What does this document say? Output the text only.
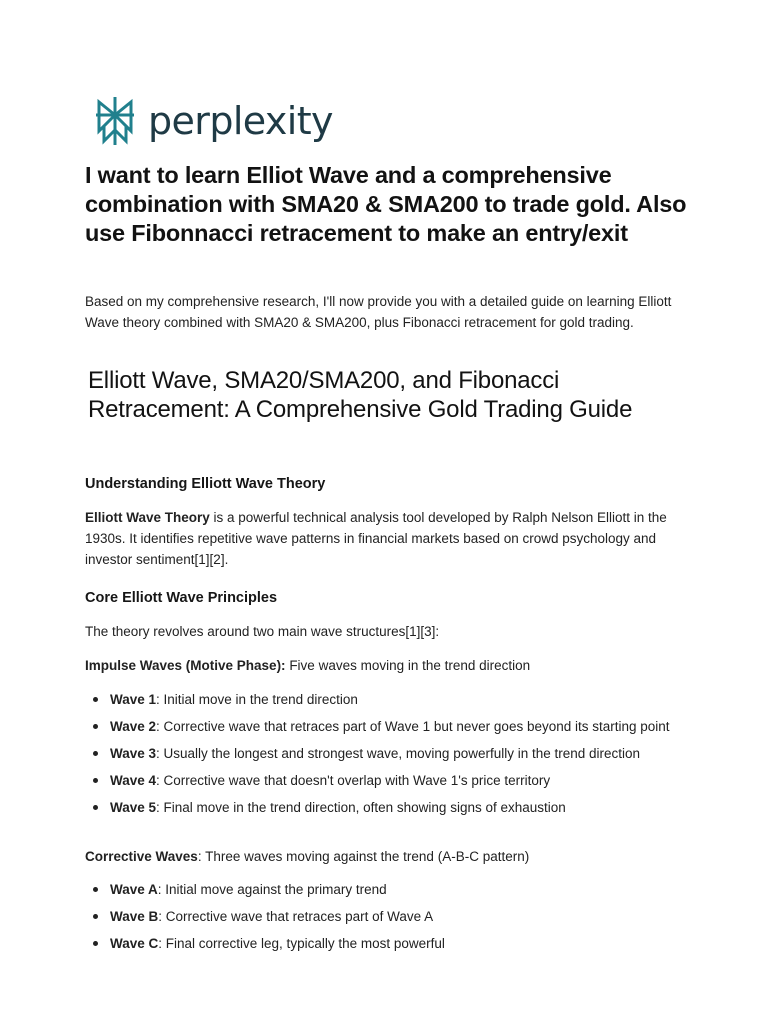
perplexity
I want to learn Elliot Wave and a comprehensive combination with SMA20 & SMA200 to trade gold. Also use Fibonnacci retracement to make an entry/exit

Based on my comprehensive research, I'll now provide you with a detailed guide on learning Elliott Wave theory combined with SMA20 & SMA200, plus Fibonacci retracement for gold trading.

Elliott Wave, SMA20/SMA200, and Fibonacci Retracement: A Comprehensive Gold Trading Guide
Understanding Elliott Wave Theory

Elliott Wave Theory is a powerful technical analysis tool developed by Ralph Nelson Elliott in the 1930s. It identifies repetitive wave patterns in financial markets based on crowd psychology and investor sentiment[1][2].

Core Elliott Wave Principles

The theory revolves around two main wave structures[1][3]:

Impulse Waves (Motive Phase): Five waves moving in the trend direction

Wave 1: Initial move in the trend direction
Wave 2: Corrective wave that retraces part of Wave 1 but never goes beyond its starting point
Wave 3: Usually the longest and strongest wave, moving powerfully in the trend direction
Wave 4: Corrective wave that doesn't overlap with Wave 1's price territory
Wave 5: Final move in the trend direction, often showing signs of exhaustion

Corrective Waves: Three waves moving against the trend (A-B-C pattern)

Wave A: Initial move against the primary trend
Wave B: Corrective wave that retraces part of Wave A
Wave C: Final corrective leg, typically the most powerful
